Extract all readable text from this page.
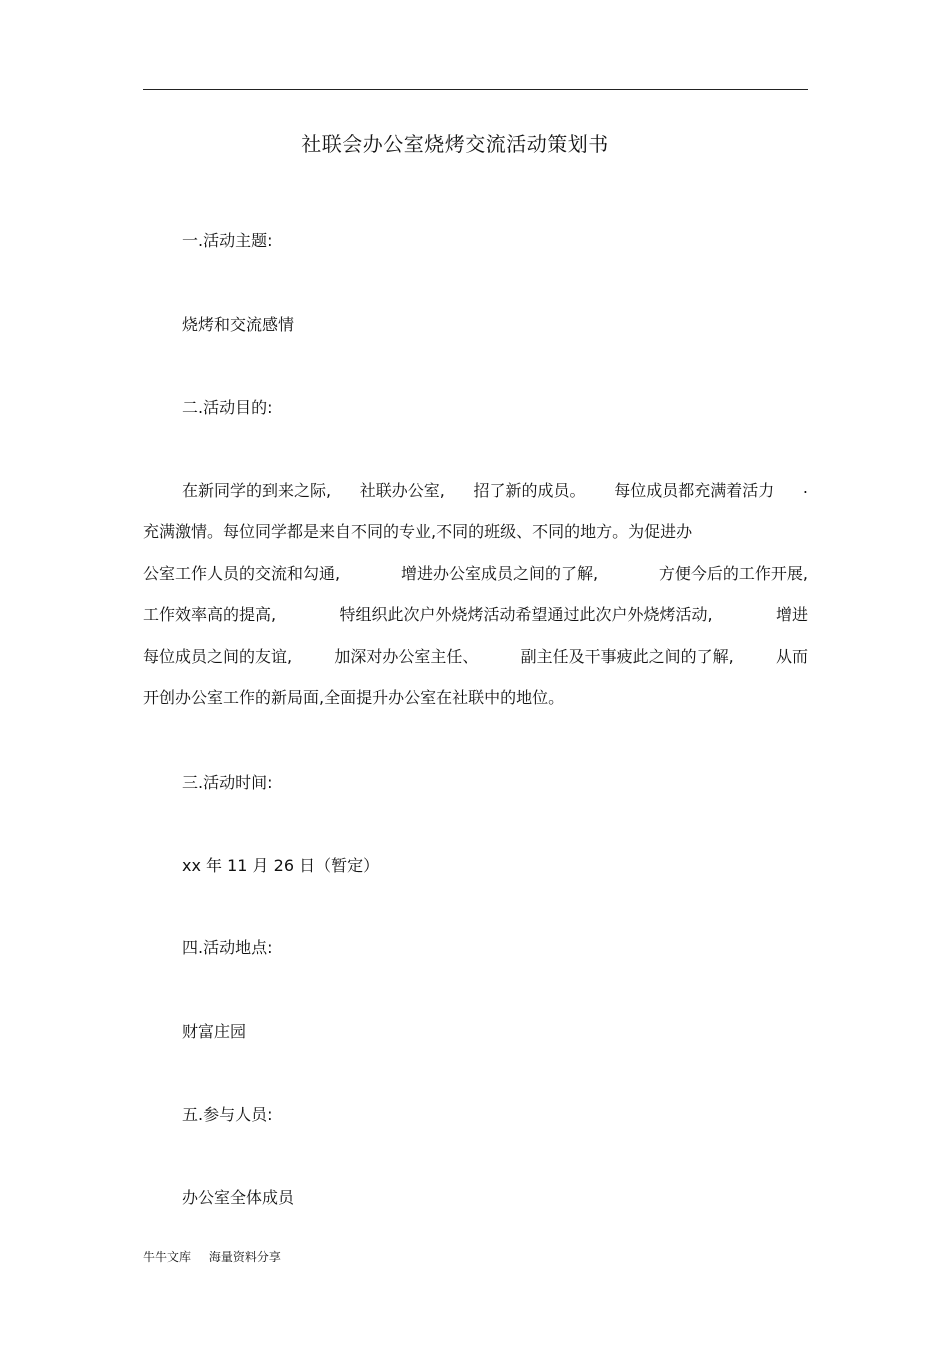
社联会办公室烧烤交流活动策划书
一.活动主题:
烧烤和交流感情
二.活动目的:
在新同学的到来之际, 社联办公室, 招了新的成员。 每位成员都充满着活力 .
充满激情。每位同学都是来自不同的专业, 不同的班级、不同的地方。为促进办
公室工作人员的交流和勾通,	增进办公室成员之间的了解,	方便今后的工作开展,
工作效率高的提高,	特组织此次户外烧烤活动希望通过此次户外烧烤活动,	增进
每位成员之间的友谊,	加深对办公室主任、	副主任及干事疲此之间的了解,	从而
开创办公室工作的新局面, 全面提升办公室在社联中的地位。
三.活动时间:
xx 年 11 月 26 日（暂定）
四.活动地点:
财富庄园
五.参与人员:
办公室全体成员
牛牛文库 海量资料分享
